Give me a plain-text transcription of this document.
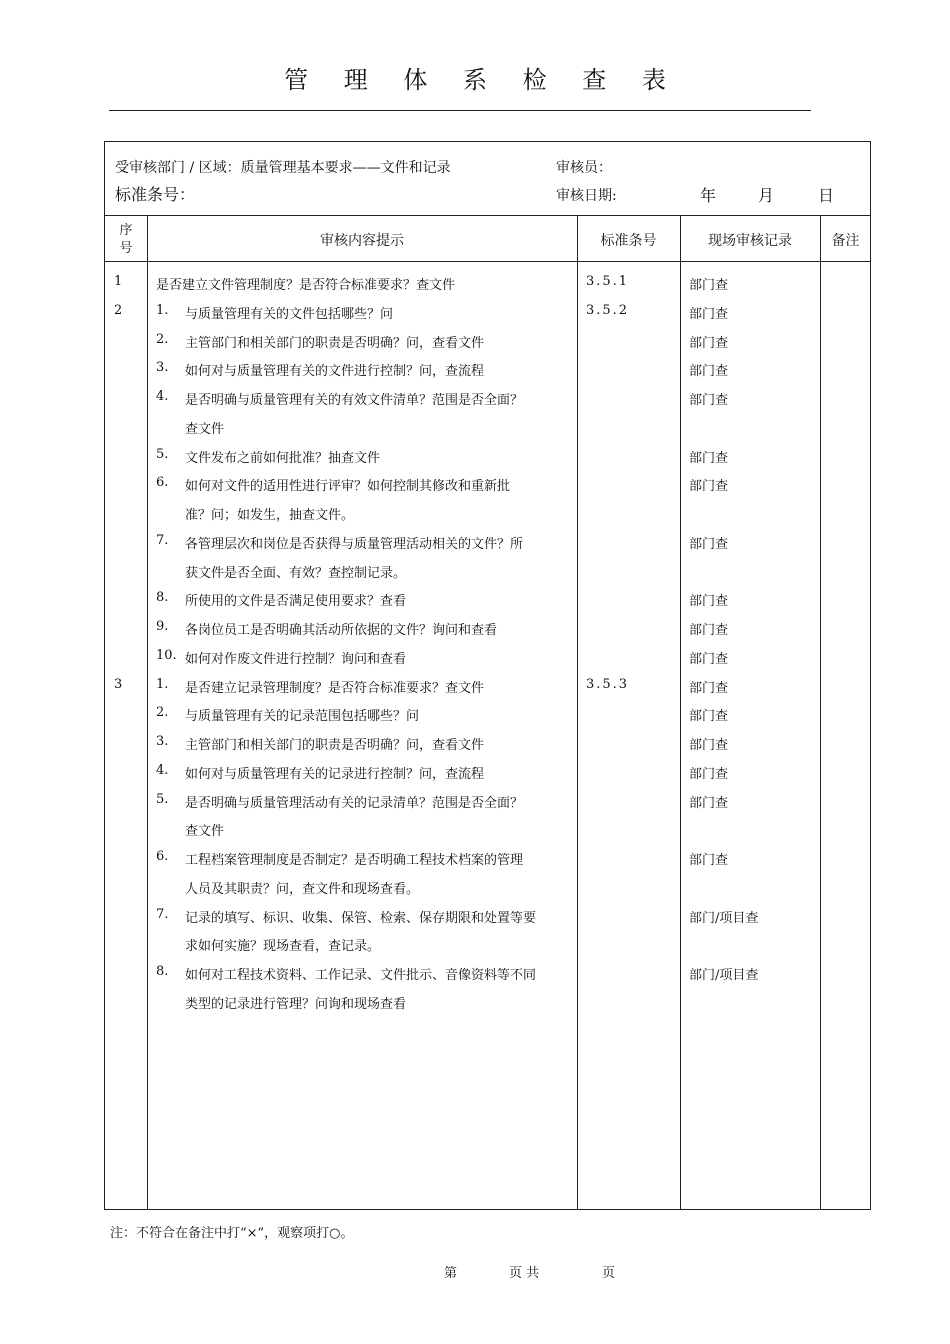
管 理 体 系 检 查 表
受审核部门 / 区域：质量管理基本要求——文件和记录	审核员：
标准条号：	审核日期:	年	月	日
序号	审核内容提示	标准条号	现场审核记录	备注
1	是否建立文件管理制度？是否符合标准要求？查文件	3.5.1	部门查
2	1. 与质量管理有关的文件包括哪些？问	3.5.2	部门查
2. 主管部门和相关部门的职责是否明确？问，查看文件	部门查
3. 如何对与质量管理有关的文件进行控制？问，查流程	部门查
4. 是否明确与质量管理有关的有效文件清单？范围是否全面？	部门查
查文件
5. 文件发布之前如何批准？抽查文件	部门查
6. 如何对文件的适用性进行评审？如何控制其修改和重新批	部门查
准？问；如发生，抽查文件。
7. 各管理层次和岗位是否获得与质量管理活动相关的文件？所	部门查
获文件是否全面、有效？查控制记录。
8. 所使用的文件是否满足使用要求？查看	部门查
9. 各岗位员工是否明确其活动所依据的文件？询问和查看	部门查
10. 如何对作废文件进行控制？询问和查看	部门查
3	1. 是否建立记录管理制度？是否符合标准要求？查文件	3.5.3	部门查
2. 与质量管理有关的记录范围包括哪些？问	部门查
3. 主管部门和相关部门的职责是否明确？问，查看文件	部门查
4. 如何对与质量管理有关的记录进行控制？问，查流程	部门查
5. 是否明确与质量管理活动有关的记录清单？范围是否全面？	部门查
查文件
6. 工程档案管理制度是否制定？是否明确工程技术档案的管理	部门查
人员及其职责？问，查文件和现场查看。
7. 记录的填写、标识、收集、保管、检索、保存期限和处置等要	部门/项目查
求如何实施？现场查看，查记录。
8. 如何对工程技术资料、工作记录、文件批示、音像资料等不同	部门/项目查
类型的记录进行管理？问询和现场查看
注：不符合在备注中打“×”，观察项打○。
第	页 共	页
